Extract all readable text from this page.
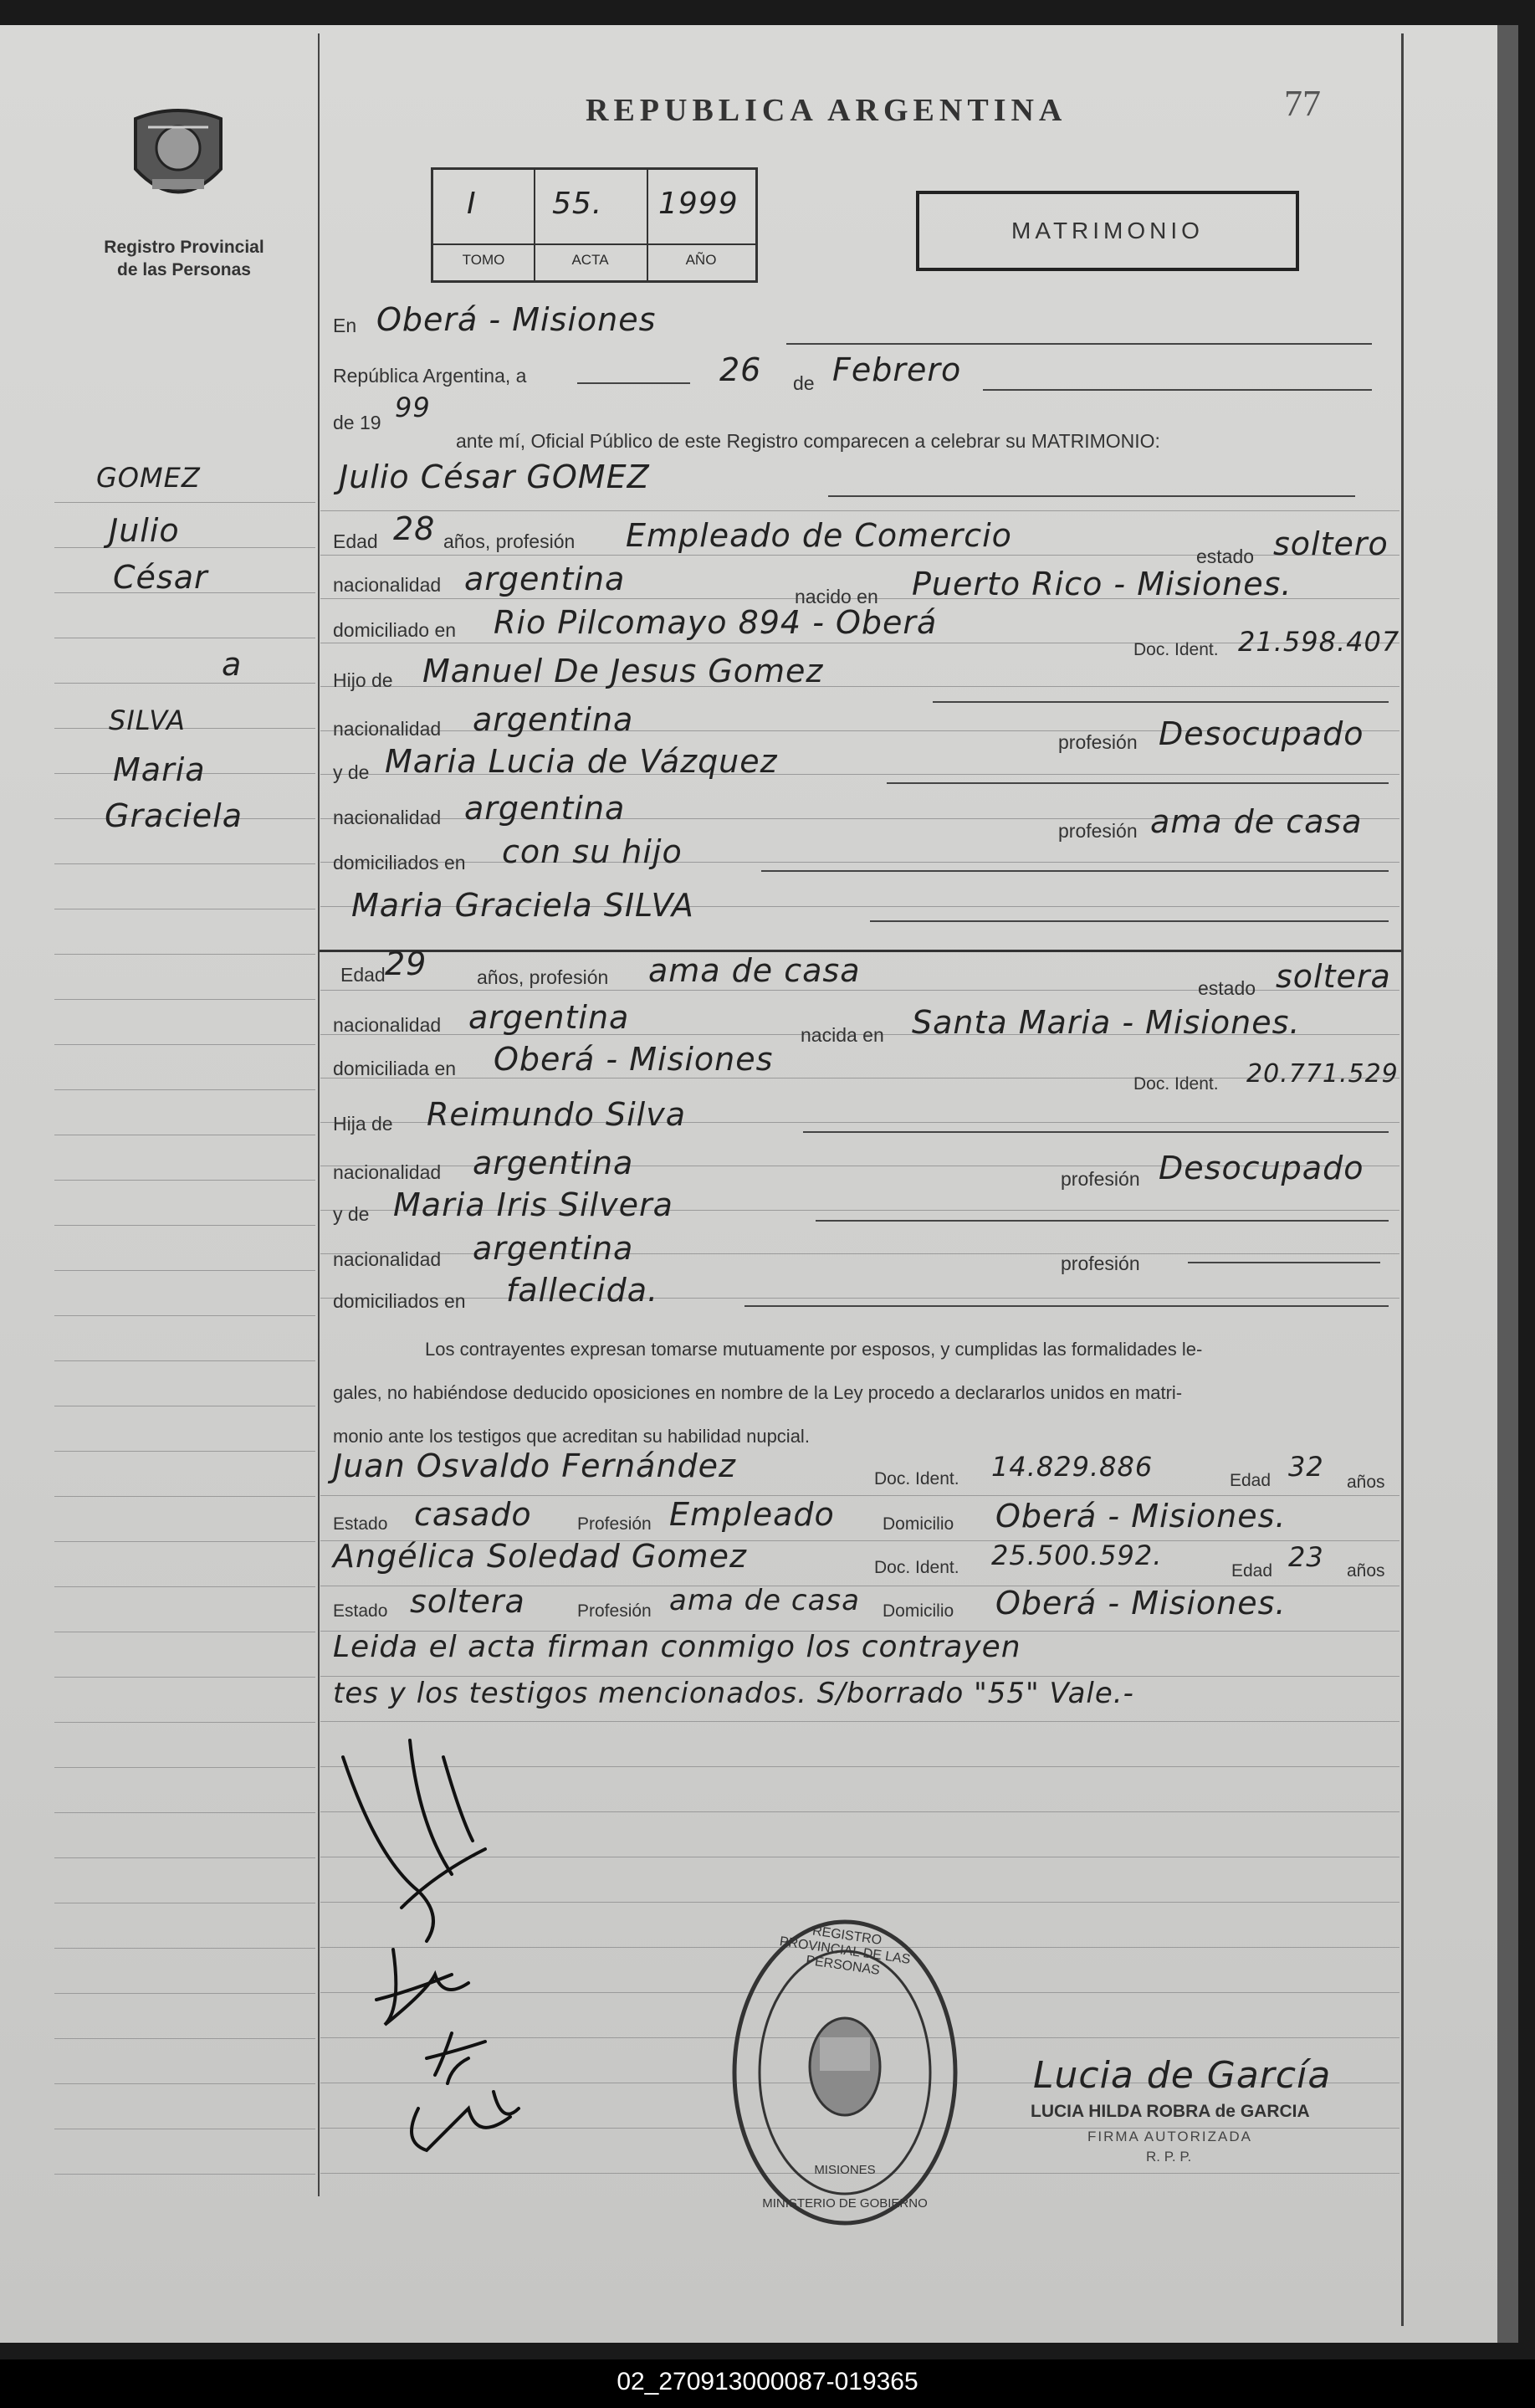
Registro Provincial
de las Personas
REPUBLICA ARGENTINA	77
I
TOMO
55.
ACTA
1999
AÑO
MATRIMONIO
GOMEZ
Julio
César
a
SILVA
Maria
Graciela
En Oberá - Misiones
República Argentina, a	26 de Febrero
de 19 99
ante mí, Oficial Público de este Registro comparecen a celebrar su MATRIMONIO:
Julio César GOMEZ
Edad 28 años, profesión Empleado de Comercio
estado soltero
nacionalidad argentina	nacido en Puerto Rico - Misiones.
domiciliado en Rio Pilcomayo 894 - Oberá
Doc. Ident. 21.598.407
Hijo de Manuel De Jesus Gomez
nacionalidad argentina
profesión Desocupado
y de Maria Lucia de Vázquez
nacionalidad argentina
profesión ama de casa
domiciliados en con su hijo
Maria Graciela SILVA
Edad 29	años, profesión ama de casa	estado soltera
nacionalidad argentina	nacida en Santa Maria - Misiones.
domiciliada en Oberá - Misiones
Doc. Ident. 20.771.529
Hija de Reimundo Silva
nacionalidad argentina	profesión Desocupado
y de Maria Iris Silvera
nacionalidad argentina	profesión
domiciliados en fallecida.
Los contrayentes expresan tomarse mutuamente por esposos, y cumplidas las formalidades le-
gales, no habiéndose deducido oposiciones en nombre de la Ley procedo a declararlos unidos en matri-
monio ante los testigos que acreditan su habilidad nupcial.
Juan Osvaldo Fernández	Doc. Ident. 14.829.886	Edad 32 años
Estado casado	Profesión Empleado	Domicilio Oberá - Misiones.
Angélica Soledad Gomez	Doc. Ident. 25.500.592.	Edad 23 años
Estado soltera	Profesión ama de casa Domicilio Oberá - Misiones.
Leida el acta firman conmigo los contrayen
tes y los testigos mencionados. S/borrado "55" Vale.-
REGISTRO PROVINCIAL DE LAS PERSONAS
MISIONES
MINISTERIO DE GOBIERNO
Lucia de García
LUCIA HILDA ROBRA de GARCIA
FIRMA AUTORIZADA
R. P. P.
02_270913000087-019365
